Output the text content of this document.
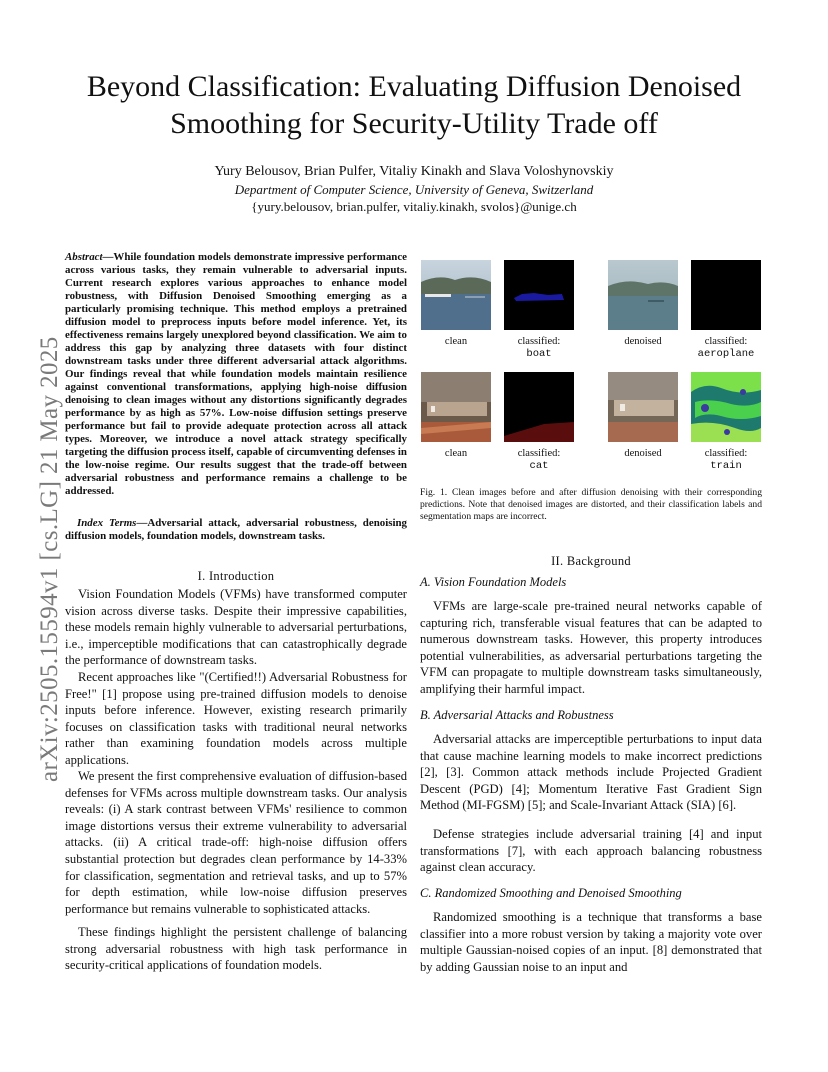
arXiv:2505.15594v1 [cs.LG] 21 May 2025
Beyond Classification: Evaluating Diffusion Denoised Smoothing for Security-Utility Trade off
Yury Belousov, Brian Pulfer, Vitaliy Kinakh and Slava Voloshynovskiy
Department of Computer Science, University of Geneva, Switzerland
{yury.belousov, brian.pulfer, vitaliy.kinakh, svolos}@unige.ch
Abstract—While foundation models demonstrate impressive performance across various tasks, they remain vulnerable to adversarial inputs. Current research explores various approaches to enhance model robustness, with Diffusion Denoised Smoothing emerging as a particularly promising technique. This method employs a pretrained diffusion model to preprocess inputs before model inference. Yet, its effectiveness remains largely unexplored beyond classification. We aim to address this gap by analyzing three datasets with four distinct downstream tasks under three different adversarial attack algorithms. Our findings reveal that while foundation models maintain resilience against conventional transformations, applying high-noise diffusion denoising to clean images without any distortions significantly degrades performance by as high as 57%. Low-noise diffusion settings preserve performance but fail to provide adequate protection across all attack types. Moreover, we introduce a novel attack strategy specifically targeting the diffusion process itself, capable of circumventing defenses in the low-noise regime. Our results suggest that the trade-off between adversarial robustness and performance remains a challenge to be addressed.
Index Terms—Adversarial attack, adversarial robustness, denoising diffusion models, foundation models, downstream tasks.
I. Introduction
Vision Foundation Models (VFMs) have transformed computer vision across diverse tasks. Despite their impressive capabilities, these models remain highly vulnerable to adversarial perturbations, i.e., imperceptible modifications that can catastrophically degrade the performance of downstream tasks.
Recent approaches like "(Certified!!) Adversarial Robustness for Free!" [1] propose using pre-trained diffusion models to denoise inputs before inference. However, existing research primarily focuses on classification tasks with traditional neural networks rather than examining foundation models across multiple applications.
We present the first comprehensive evaluation of diffusion-based defenses for VFMs across multiple downstream tasks. Our analysis reveals: (i) A stark contrast between VFMs' resilience to common image distortions versus their extreme vulnerability to adversarial attacks. (ii) A critical trade-off: high-noise diffusion offers substantial protection but degrades clean performance by 14-33% for classification, segmentation and retrieval tasks, and up to 57% for depth estimation, while low-noise diffusion preserves performance but remains vulnerable to sophisticated attacks.
These findings highlight the persistent challenge of balancing strong adversarial robustness with high task performance in security-critical applications of foundation models.
clean	classified:
boat
denoised	classified:
aeroplane
clean	classified:
cat
denoised	classified:
train
Fig. 1. Clean images before and after diffusion denoising with their corresponding predictions. Note that denoised images are distorted, and their classification labels and segmentation maps are incorrect.
II. Background
A. Vision Foundation Models
VFMs are large-scale pre-trained neural networks capable of capturing rich, transferable visual features that can be adapted to numerous downstream tasks. However, this property introduces potential vulnerabilities, as adversarial perturbations targeting the VFM can propagate to multiple downstream tasks simultaneously, amplifying their harmful impact.
B. Adversarial Attacks and Robustness
Adversarial attacks are imperceptible perturbations to input data that cause machine learning models to make incorrect predictions [2], [3]. Common attack methods include Projected Gradient Descent (PGD) [4]; Momentum Iterative Fast Gradient Sign Method (MI-FGSM) [5]; and Scale-Invariant Attack (SIA) [6].
Defense strategies include adversarial training [4] and input transformations [7], with each approach balancing robustness against clean accuracy.
C. Randomized Smoothing and Denoised Smoothing
Randomized smoothing is a technique that transforms a base classifier into a more robust version by taking a majority vote over multiple Gaussian-noised copies of an input. [8] demonstrated that by adding Gaussian noise to an input and
